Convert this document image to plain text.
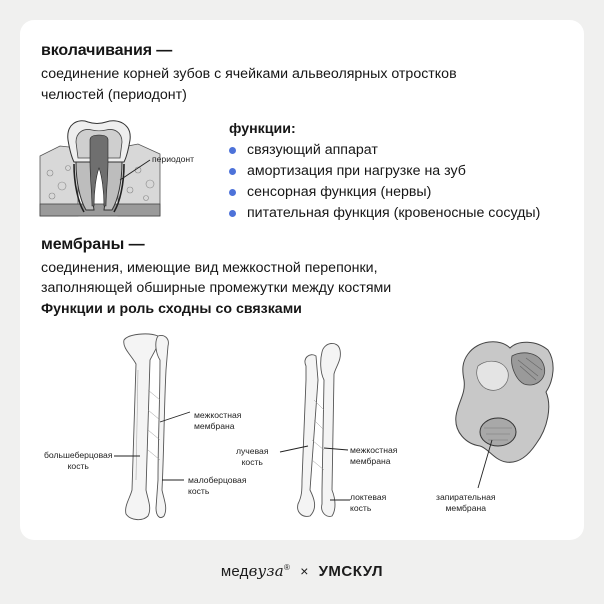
вколачивания —
соединение корней зубов с ячейками альвеолярных отростков
челюстей (периодонт)
периодонт
функции:
связующий аппарат
амортизация при нагрузке на зуб
сенсорная функция (нервы)
питательная функция (кровеносные сосуды)
мембраны —
соединения, имеющие вид межкостной перепонки,
заполняющей обширные промежутки между костями
Функции и роль сходны со связками
межкостная
мембрана
большеберцовая
кость
малоберцовая
кость
лучевая
кость
межкостная
мембрана
локтевая
кость
запирательная
мембрана
медвуза® × УМСКУЛ
